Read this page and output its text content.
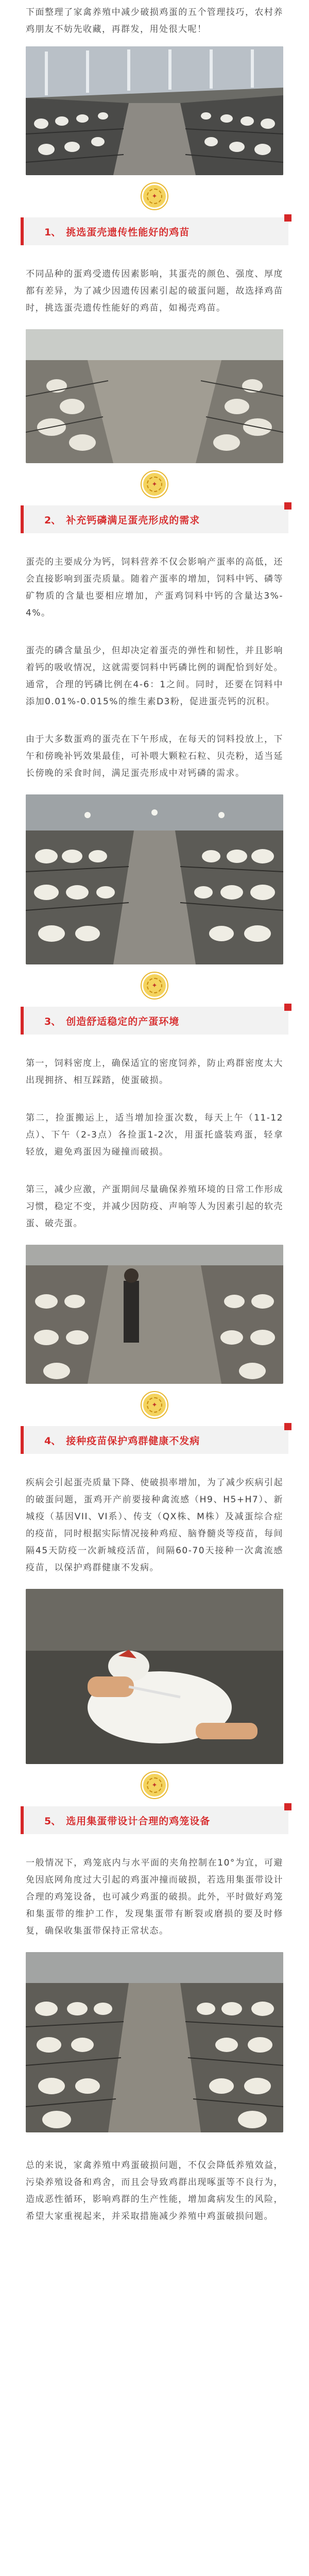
下面整理了家禽养殖中减少破损鸡蛋的五个管理技巧，农村养鸡朋友不妨先收藏，再群发，用处很大呢！

✦
1、 挑选蛋壳遗传性能好的鸡苗

不同品种的蛋鸡受遗传因素影响，其蛋壳的颜色、强度、厚度都有差异，为了减少因遗传因素引起的破蛋问题，故选择鸡苗时，挑选蛋壳遗传性能好的鸡苗，如褐壳鸡苗。

✦
2、 补充钙磷满足蛋壳形成的需求

蛋壳的主要成分为钙，饲料营养不仅会影响产蛋率的高低，还会直接影响到蛋壳质量。随着产蛋率的增加，饲料中钙、磷等矿物质的含量也要相应增加，产蛋鸡饲料中钙的含量达3%-4%。

蛋壳的磷含量虽少，但却决定着蛋壳的弹性和韧性，并且影响着钙的吸收情况，这就需要饲料中钙磷比例的调配恰到好处。通常，合理的钙磷比例在4-6：1之间。同时，还要在饲料中添加0.01%-0.015%的维生素D3粉，促进蛋壳钙的沉积。

由于大多数蛋鸡的蛋壳在下午形成，在每天的饲料投放上，下午和傍晚补钙效果最佳，可补喂大颗粒石粒、贝壳粉，适当延长傍晚的采食时间，满足蛋壳形成中对钙磷的需求。

✦
3、 创造舒适稳定的产蛋环境

第一，饲料密度上，确保适宜的密度饲养，防止鸡群密度太大出现拥挤、相互踩踏，使蛋破损。

第二，捡蛋搬运上，适当增加捡蛋次数，每天上午（11-12点）、下午（2-3点）各捡蛋1-2次，用蛋托盛装鸡蛋，轻拿轻放，避免鸡蛋因为碰撞而破损。

第三，减少应激，产蛋期间尽量确保养殖环境的日常工作形成习惯，稳定不变，并减少因防疫、声响等人为因素引起的软壳蛋、破壳蛋。

✦
4、 接种疫苗保护鸡群健康不发病

疾病会引起蛋壳质量下降、使破损率增加，为了减少疾病引起的破蛋问题，蛋鸡开产前要接种禽流感（H9、H5+H7）、新城疫（基因VII、VI系）、传支（QX株、M株）及减蛋综合症的疫苗，同时根据实际情况接种鸡痘、脑脊髓炎等疫苗，每间隔45天防疫一次新城疫活苗，间隔60-70天接种一次禽流感疫苗，以保护鸡群健康不发病。

✦
5、 选用集蛋带设计合理的鸡笼设备

一般情况下，鸡笼底内与水平面的夹角控制在10°为宜，可避免因底网角度过大引起的鸡蛋冲撞而破损，若选用集蛋带设计合理的鸡笼设备，也可减少鸡蛋的破损。此外，平时做好鸡笼和集蛋带的维护工作，发现集蛋带有断裂或磨损的要及时修复，确保收集蛋带保持正常状态。

总的来说，家禽养殖中鸡蛋破损问题，不仅会降低养殖效益，污染养殖设备和鸡舍，而且会导致鸡群出现啄蛋等不良行为，造成恶性循环，影响鸡群的生产性能，增加禽病发生的风险，希望大家重视起来，并采取措施减少养殖中鸡蛋破损问题。
